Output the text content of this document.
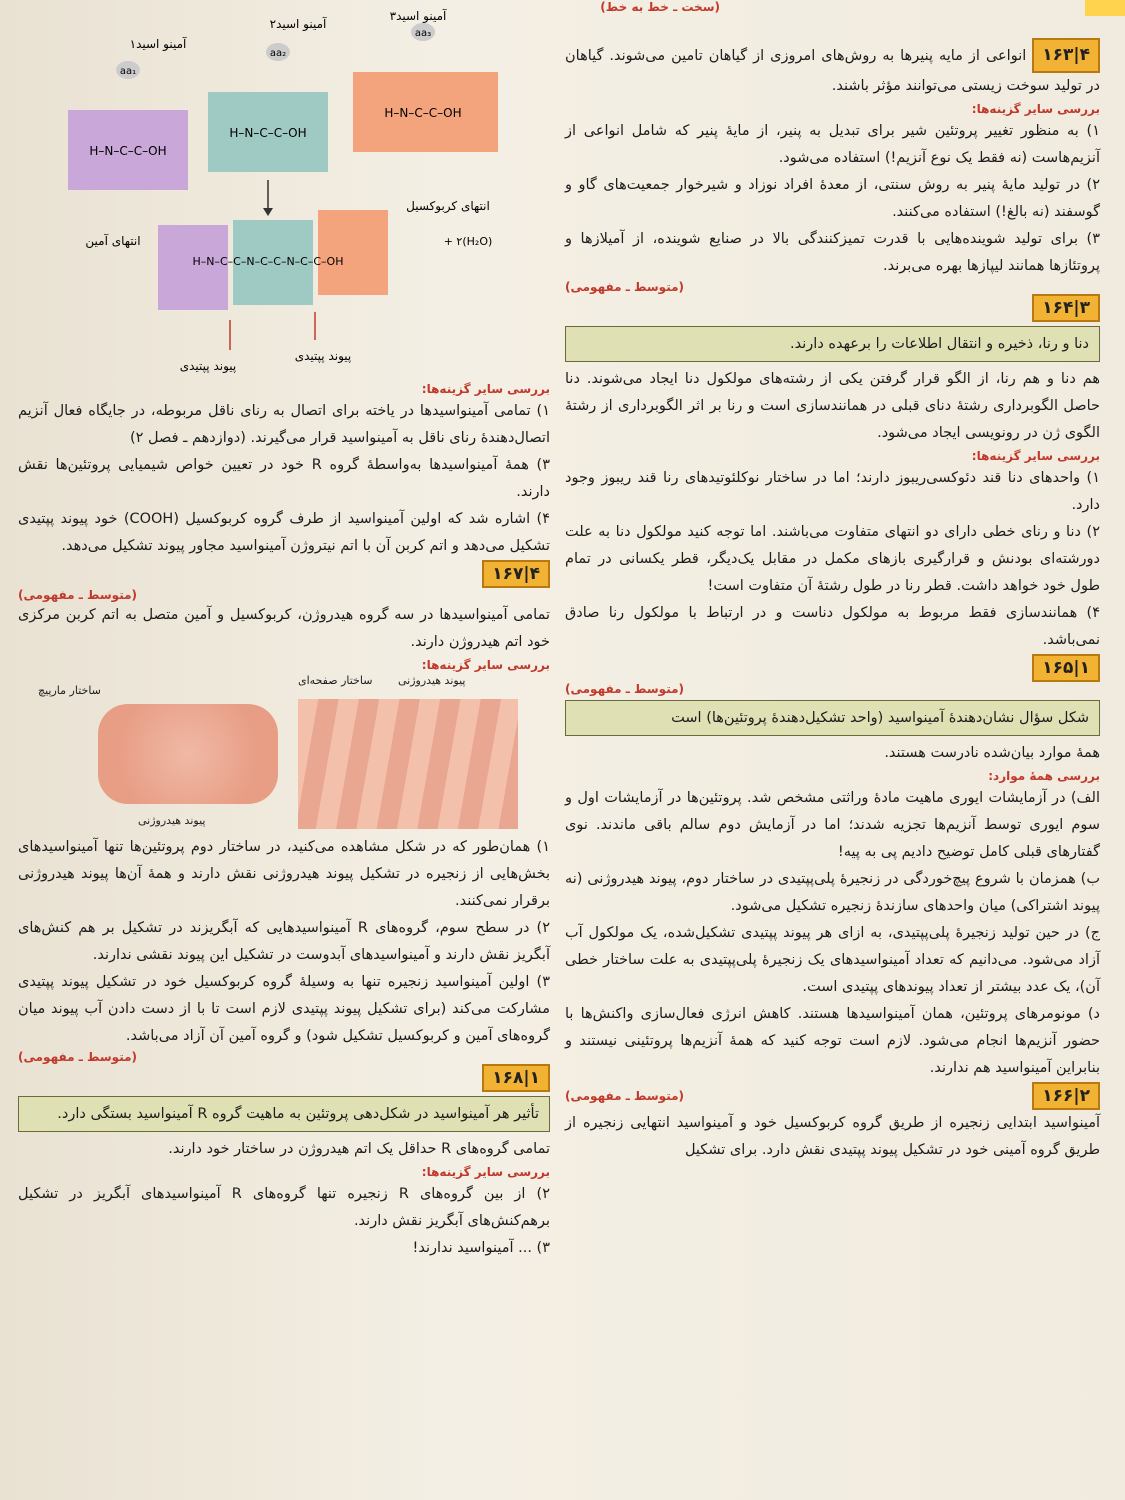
(سخت ـ خط به خط)

۴|۱۶۳ انواعی از مایه پنیرها به روش‌های امروزی از گیاهان تامین می‌شوند. گیاهان در تولید سوخت زیستی می‌توانند مؤثر باشند.

بررسی سایر گزینه‌ها:

۱) به منظور تغییر پروتئین شیر برای تبدیل به پنیر، از مایهٔ پنیر که شامل انواعی از آنزیم‌هاست (نه فقط یک نوع آنزیم!) استفاده می‌شود.

۲) در تولید مایهٔ پنیر به روش سنتی، از معدهٔ افراد نوزاد و شیرخوار جمعیت‌های گاو و گوسفند (نه بالغ!) استفاده می‌کنند.

۳) برای تولید شوینده‌هایی با قدرت تمیزکنندگی بالا در صنایع شوینده، از آمیلازها و پروتئازها همانند لیپازها بهره می‌برند.

(متوسط ـ مفهومی)
۳|۱۶۴
دنا و رنا، ذخیره و انتقال اطلاعات را برعهده دارند.

هم دنا و هم رنا، از الگو قرار گرفتن یکی از رشته‌های مولکول دنا ایجاد می‌شوند. دنا حاصل الگوبرداری رشتهٔ دنای قبلی در همانندسازی است و رنا بر اثر الگوبرداری از رشتهٔ الگوی ژن در رونویسی ایجاد می‌شود.

بررسی سایر گزینه‌ها:

۱) واحدهای دنا قند دئوکسی‌ریبوز دارند؛ اما در ساختار نوکلئوتیدهای رنا قند ریبوز وجود دارد.

۲) دنا و رنای خطی دارای دو انتهای متفاوت می‌باشند. اما توجه کنید مولکول دنا به علت دورشته‌ای بودنش و قرارگیری بازهای مکمل در مقابل یک‌دیگر، قطر یکسانی در تمام طول خود خواهد داشت. قطر رنا در طول رشتهٔ آن متفاوت است!

۴) همانندسازی فقط مربوط به مولکول دناست و در ارتباط با مولکول رنا صادق نمی‌باشد.

۱|۱۶۵
(متوسط ـ مفهومی)
شکل سؤال نشان‌دهندهٔ آمینواسید (واحد تشکیل‌دهندهٔ پروتئین‌ها) است

همهٔ موارد بیان‌شده نادرست هستند.

بررسی همهٔ موارد:

الف) در آزمایشات ایوری ماهیت مادهٔ وراثتی مشخص شد. پروتئین‌ها در آزمایشات اول و سوم ایوری توسط آنزیم‌ها تجزیه شدند؛ اما در آزمایش دوم سالم باقی ماندند. نوی گفتارهای قبلی کامل توضیح دادیم پی به پیه!

ب) همزمان با شروع پیچ‌خوردگی در زنجیرهٔ پلی‌پپتیدی در ساختار دوم، پیوند هیدروژنی (نه پیوند اشتراکی) میان واحدهای سازندهٔ زنجیره تشکیل می‌شود.

ج) در حین تولید زنجیرهٔ پلی‌پپتیدی، به ازای هر پیوند پپتیدی تشکیل‌شده، یک مولکول آب آزاد می‌شود. می‌دانیم که تعداد آمینواسیدهای یک زنجیرهٔ پلی‌پپتیدی به علت ساختار خطی آن)، یک عدد بیشتر از تعداد پیوندهای پپتیدی است.

د) مونومرهای پروتئین، همان آمینواسیدها هستند. کاهش انرژی فعال‌سازی واکنش‌ها با حضور آنزیم‌ها انجام می‌شود. لازم است توجه کنید که همهٔ آنزیم‌ها پروتئینی نیستند و بنابراین آمینواسید هم ندارند.

۲|۱۶۶
(متوسط ـ مفهومی)

آمینواسید ابتدایی زنجیره از طریق گروه کربوکسیل خود و آمینواسید انتهایی زنجیره از طریق گروه آمینی خود در تشکیل پیوند پپتیدی نقش دارد. برای تشکیل

آمینو اسید۱
آمینو اسید۲
آمینو اسید۳
aa₁
aa₂
aa₃
H–N–C–C–OH
H–N–C–C–OH
H–N–C–C–OH
انتهای کربوکسیل
انتهای آمین
H–N–C–C–N–C–C–N–C–C–OH
+ ۲(H₂O)
پیوند پپتیدی
پیوند پپتیدی
بررسی سایر گزینه‌ها:

۱) تمامی آمینواسیدها در یاخته برای اتصال به رنای ناقل مربوطه، در جایگاه فعال آنزیم اتصال‌دهندهٔ رنای ناقل به آمینواسید قرار می‌گیرند. (دوازدهم ـ فصل ۲)

۳) همهٔ آمینواسیدها به‌واسطهٔ گروه R خود در تعیین خواص شیمیایی پروتئین‌ها نقش دارند.

۴) اشاره شد که اولین آمینواسید از طرف گروه کربوکسیل (COOH) خود پیوند پپتیدی تشکیل می‌دهد و اتم کربن آن با اتم نیتروژن آمینواسید مجاور پیوند تشکیل می‌دهد.

۴|۱۶۷
(متوسط ـ مفهومی)

تمامی آمینواسیدها در سه گروه هیدروژن، کربوکسیل و آمین متصل به اتم کربن مرکزی خود اتم هیدروژن دارند.

بررسی سایر گزینه‌ها:
ساختار مارپیچ
ساختار صفحه‌ای پیوند هیدروژنی
پیوند هیدروژنی

۱) همان‌طور که در شکل مشاهده می‌کنید، در ساختار دوم پروتئین‌ها تنها آمینواسیدهای بخش‌هایی از زنجیره در تشکیل پیوند هیدروژنی نقش دارند و همهٔ آن‌ها پیوند هیدروژنی برقرار نمی‌کنند.

۲) در سطح سوم، گروه‌های R آمینواسیدهایی که آبگریزند در تشکیل بر هم کنش‌های آبگریز نقش دارند و آمینواسیدهای آبدوست در تشکیل این پیوند نقشی ندارند.

۳) اولین آمینواسید زنجیره تنها به وسیلهٔ گروه کربوکسیل خود در تشکیل پیوند پپتیدی مشارکت می‌کند (برای تشکیل پیوند پپتیدی لازم است تا با از دست دادن آب پیوند میان گروه‌های آمین و کربوکسیل تشکیل شود) و گروه آمین آن آزاد می‌باشد.

(متوسط ـ مفهومی)
۱|۱۶۸
تأثیر هر آمینواسید در شکل‌دهی پروتئین به ماهیت گروه R آمینواسید بستگی دارد.

تمامی گروه‌های R حداقل یک اتم هیدروژن در ساختار خود دارند.

بررسی سایر گزینه‌ها:

۲) از بین گروه‌های R زنجیره تنها گروه‌های R آمینواسیدهای آبگریز در تشکیل برهم‌کنش‌های آبگریز نقش دارند.

۳) ... آمینواسید ندارند!
